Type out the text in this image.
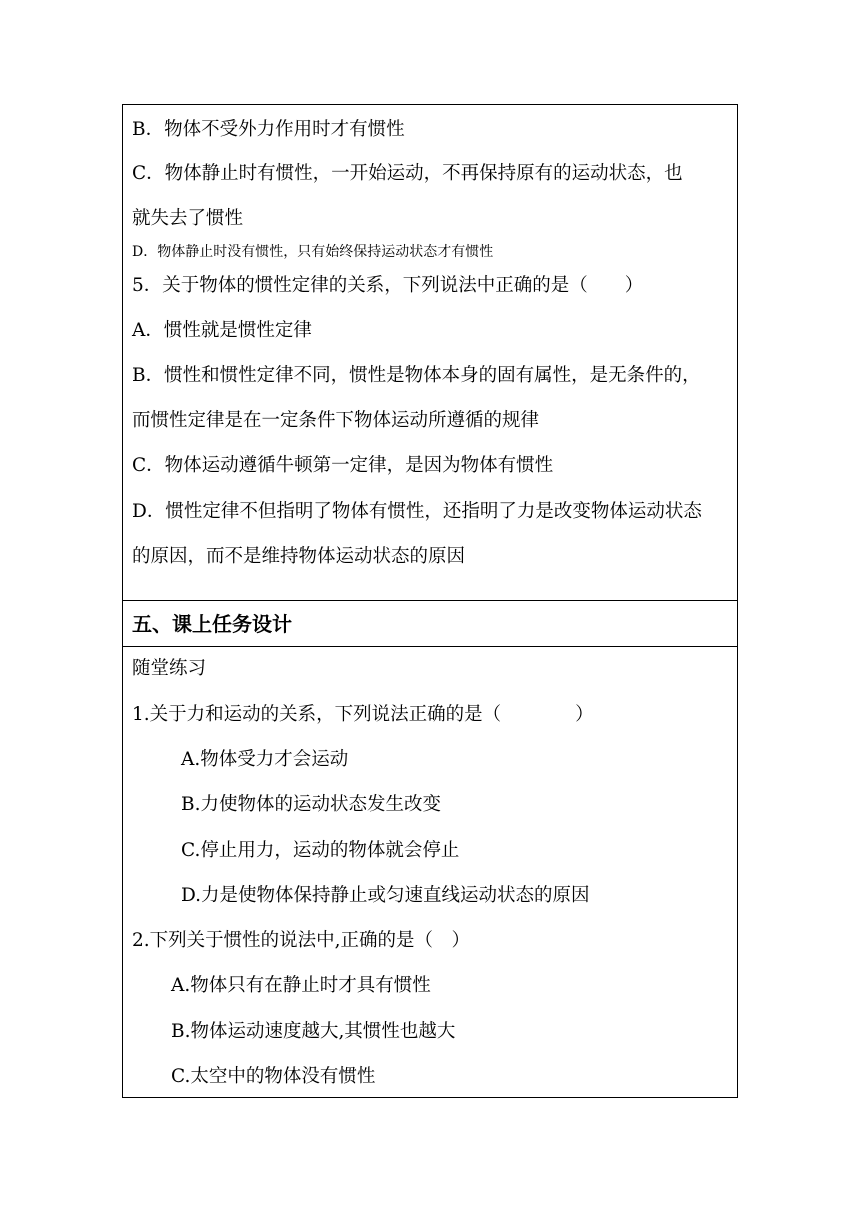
B．物体不受外力作用时才有惯性
C．物体静止时有惯性，一开始运动，不再保持原有的运动状态，也
就失去了惯性
D．物体静止时没有惯性，只有始终保持运动状态才有惯性
5．关于物体的惯性定律的关系，下列说法中正确的是（　　）
A．惯性就是惯性定律
B．惯性和惯性定律不同，惯性是物体本身的固有属性，是无条件的，
而惯性定律是在一定条件下物体运动所遵循的规律
C．物体运动遵循牛顿第一定律，是因为物体有惯性
D．惯性定律不但指明了物体有惯性，还指明了力是改变物体运动状态
的原因，而不是维持物体运动状态的原因
五、课上任务设计
随堂练习
1.关于力和运动的关系，下列说法正确的是（　　　　）
A.物体受力才会运动
B.力使物体的运动状态发生改变
C.停止用力，运动的物体就会停止
D.力是使物体保持静止或匀速直线运动状态的原因
2.下列关于惯性的说法中,正确的是（　）
A.物体只有在静止时才具有惯性
B.物体运动速度越大,其惯性也越大
C.太空中的物体没有惯性
